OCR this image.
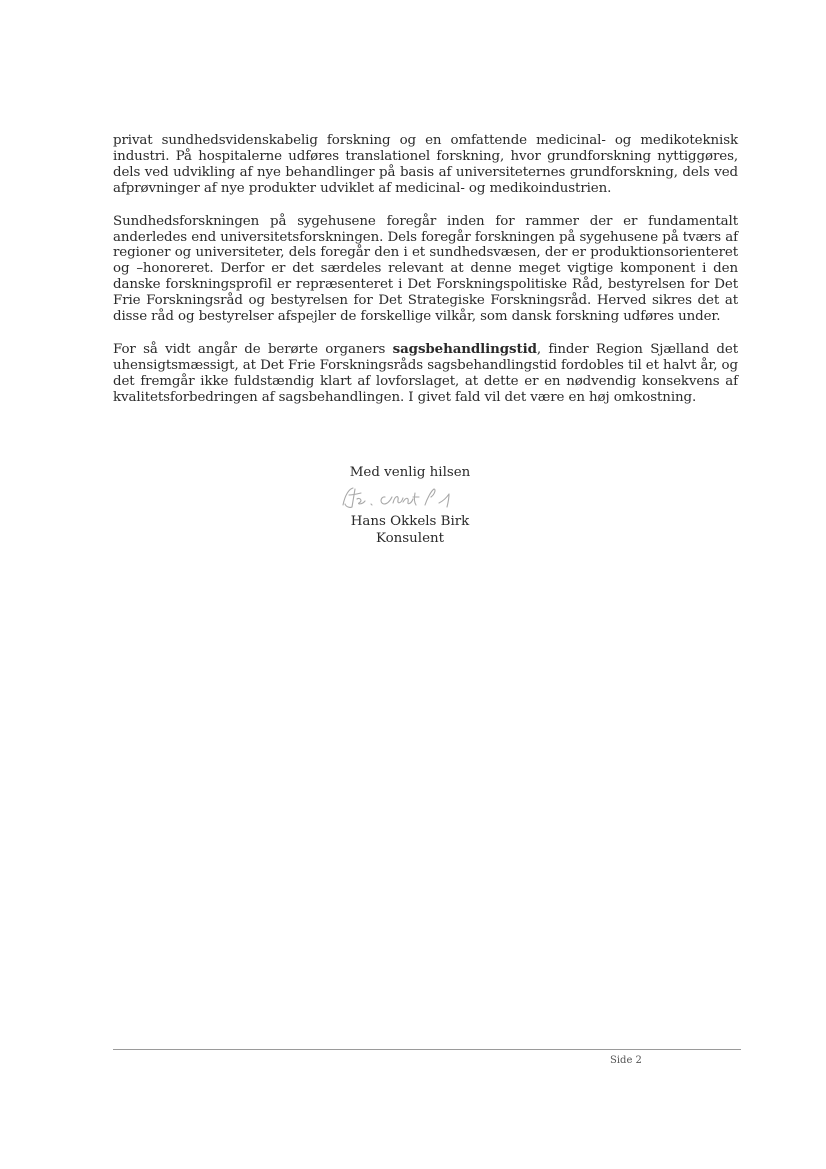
privat sundhedsvidenskabelig forskning og en omfattende medicinal- og medikoteknisk industri. På hospitalerne udføres translationel forskning, hvor grundforskning nyttiggøres, dels ved udvikling af nye behandlinger på basis af universiteternes grundforskning, dels ved afprøvninger af nye produkter udviklet af medicinal- og medikoindustrien.

Sundhedsforskningen på sygehusene foregår inden for rammer der er fundamentalt anderledes end universitetsforskningen. Dels foregår forskningen på sygehusene på tværs af regioner og universiteter, dels foregår den i et sundhedsvæsen, der er produktionsorienteret og –honoreret. Derfor er det særdeles relevant at denne meget vigtige komponent i den danske forskningsprofil er repræsenteret i Det Forskningspolitiske Råd, bestyrelsen for Det Frie Forskningsråd og bestyrelsen for Det Strategiske Forskningsråd. Herved sikres det at disse råd og bestyrelser afspejler de forskellige vilkår, som dansk forskning udføres under.

For så vidt angår de berørte organers sagsbehandlingstid, finder Region Sjælland det uhensigtsmæssigt, at Det Frie Forskningsråds sagsbehandlingstid fordobles til et halvt år, og det fremgår ikke fuldstændig klart af lovforslaget, at dette er en nødvendig konsekvens af kvalitetsforbedringen af sagsbehandlingen. I givet fald vil det være en høj omkostning.

Med venlig hilsen
Hans Okkels Birk
Konsulent
Side 2
